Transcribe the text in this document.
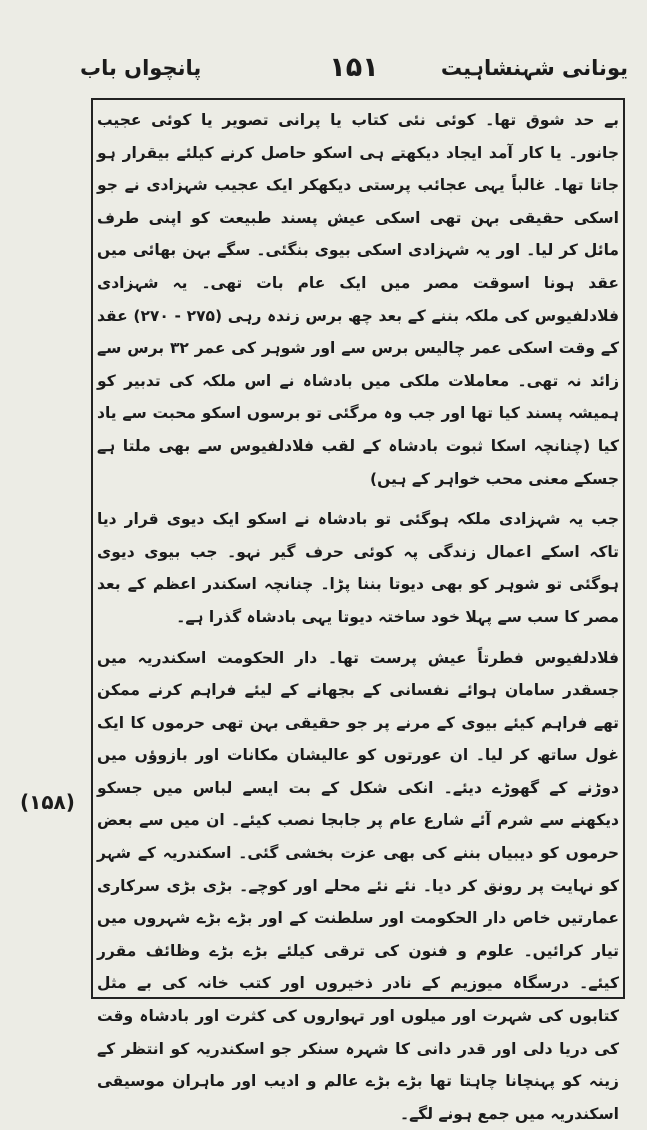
یونانی شہنشاہیت
۱۵۱
پانچواں باب

بے حد شوق تھا۔ کوئی نئی کتاب یا پرانی تصویر یا کوئی عجیب جانور۔ یا کار آمد ایجاد دیکھتے ہی اسکو حاصل کرنے کیلئے بیقرار ہو جاتا تھا۔ غالباً یہی عجائب پرستی دیکھکر ایک عجیب شہزادی نے جو اسکی حقیقی بہن تھی اسکی عیش پسند طبیعت کو اپنی طرف مائل کر لیا۔ اور یہ شہزادی اسکی بیوی بنگئی۔ سگے بہن بھائی میں عقد ہونا اسوقت مصر میں ایک عام بات تھی۔ یہ شہزادی فلادلفیوس کی ملکہ بننے کے بعد چھ برس زندہ رہی (۲۷۵ - ۲۷۰) عقد کے وقت اسکی عمر چالیس برس سے اور شوہر کی عمر ۳۲ برس سے زائد نہ تھی۔ معاملات ملکی میں بادشاہ نے اس ملکہ کی تدبیر کو ہمیشہ پسند کیا تھا اور جب وہ مرگئی تو برسوں اسکو محبت سے یاد کیا (چنانچہ اسکا ثبوت بادشاہ کے لقب فلادلفیوس سے بھی ملتا ہے جسکے معنی محب خواہر کے ہیں)

جب یہ شہزادی ملکہ ہوگئی تو بادشاہ نے اسکو ایک دیوی قرار دیا تاکہ اسکے اعمال زندگی پہ کوئی حرف گیر نہو۔ جب بیوی دیوی ہوگئی تو شوہر کو بھی دیوتا بننا پڑا۔ چنانچہ اسکندر اعظم کے بعد مصر کا سب سے پہلا خود ساختہ دیوتا یہی بادشاہ گذرا ہے۔

فلادلفیوس فطرتاً عیش پرست تھا۔ دار الحکومت اسکندریہ میں جسقدر سامان ہوائے نفسانی کے بجھانے کے لیئے فراہم کرنے ممکن تھے فراہم کیئے بیوی کے مرنے پر جو حقیقی بہن تھی حرموں کا ایک غول ساتھ کر لیا۔ ان عورتوں کو عالیشان مکانات اور بازوؤں میں دوڑنے کے گھوڑے دیئے۔ انکی شکل کے بت ایسے لباس میں جسکو دیکھنے سے شرم آئے شارع عام پر جابجا نصب کیئے۔ ان میں سے بعض حرموں کو دیبیاں بننے کی بھی عزت بخشی گئی۔ اسکندریہ کے شہر کو نہایت پر رونق کر دیا۔ نئے نئے محلے اور کوچے۔ بڑی بڑی سرکاری عمارتیں خاص دار الحکومت اور سلطنت کے اور بڑے بڑے شہروں میں تیار کرائیں۔ علوم و فنون کی ترقی کیلئے بڑے بڑے وظائف مقرر کیئے۔ درسگاہ میوزیم کے نادر ذخیروں اور کتب خانہ کی بے مثل کتابوں کی شہرت اور میلوں اور تہواروں کی کثرت اور بادشاہ وقت کی دریا دلی اور قدر دانی کا شہرہ سنکر جو اسکندریہ کو انتظر کے زینہ کو پہنچانا چاہتا تھا بڑے بڑے عالم و ادیب اور ماہران موسیقی اسکندریہ میں جمع ہونے لگے۔

(۱۵۸)
